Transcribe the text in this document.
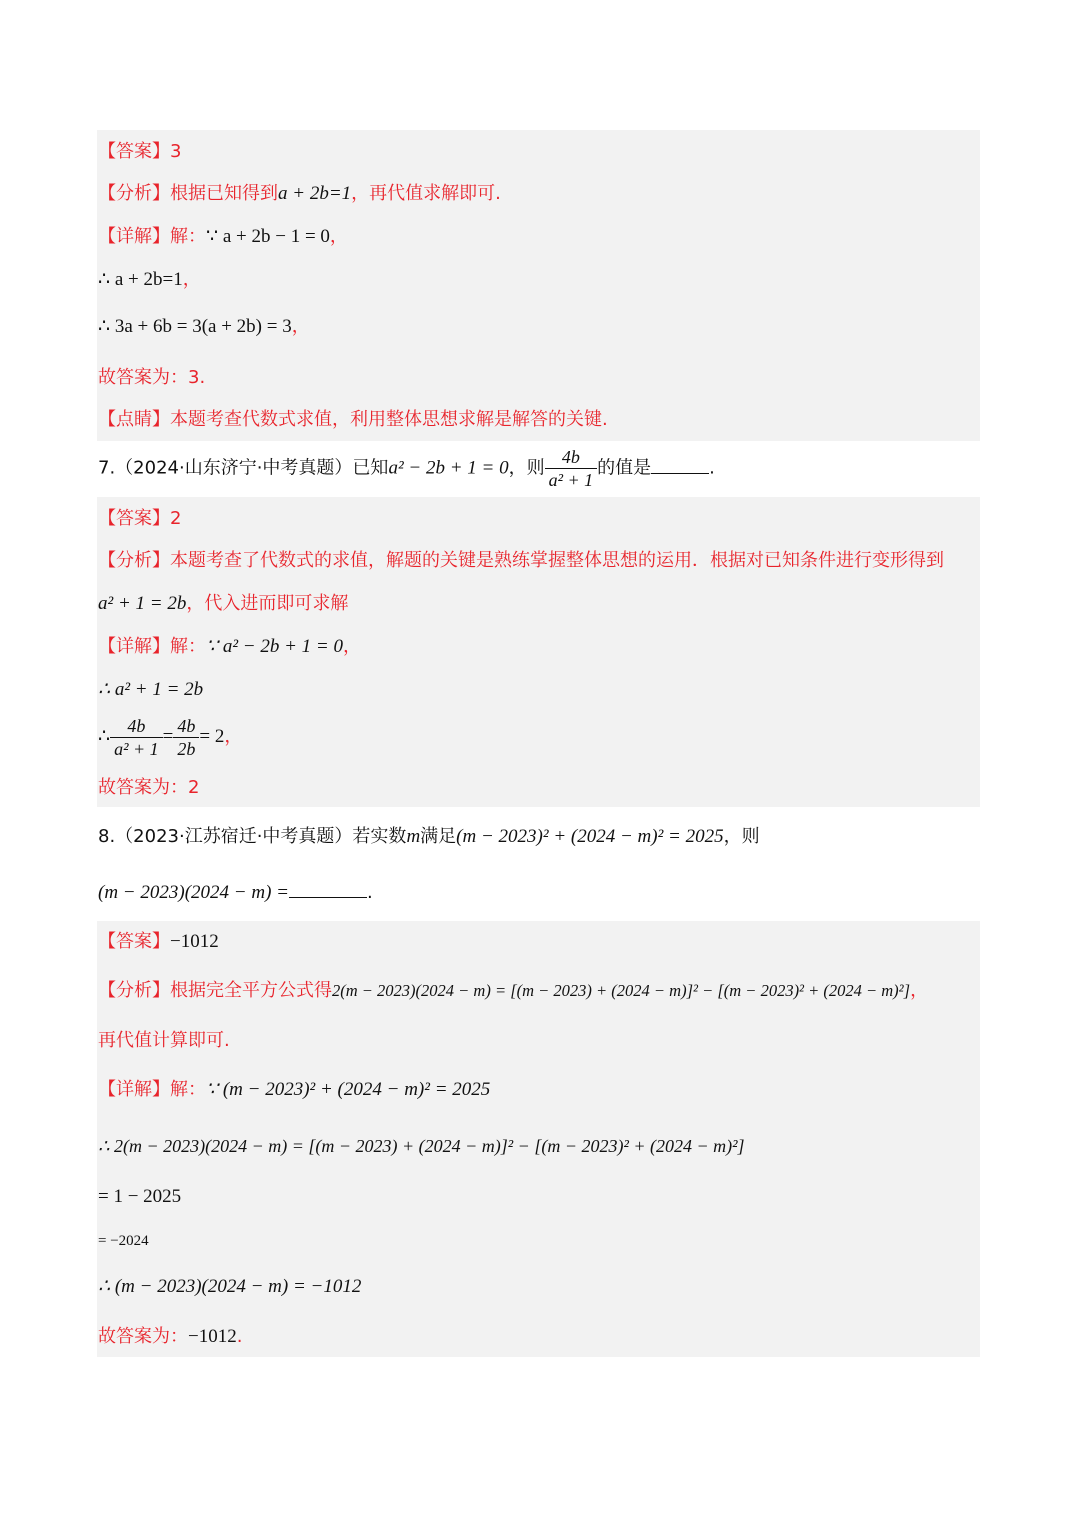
【答案】3
【分析】根据已知得到a + 2b=1，再代值求解即可.
【详解】解：∵ a + 2b − 1 = 0，
∴ a + 2b=1，
∴ 3a + 6b = 3(a + 2b) = 3，
故答案为：3.
【点睛】本题考查代数式求值，利用整体思想求解是解答的关键.
7.（2024·山东济宁·中考真题）已知a² − 2b + 1 = 0，则 $\frac{4b}{\text{a² + 1}}$ 的值是	.
【答案】2
【分析】本题考查了代数式的求值，解题的关键是熟练掌握整体思想的运用．根据对已知条件进行变形得到
a² + 1 = 2b，代入进而即可求解
【详解】解：∵ a² − 2b + 1 = 0，
∴ a² + 1 = 2b
∴ $\frac{4b}{\text{a² + 1}} = \frac{4b}{2b} = 2$，
故答案为：2
8.（2023·江苏宿迁·中考真题）若实数m满足(m − 2023)² + (2024 − m)² = 2025，则
(m − 2023)(2024 − m) =	.
【答案】−1012
【分析】根据完全平方公式得2(m − 2023)(2024 − m) = [(m − 2023) + (2024 − m)]² − [(m − 2023)² + (2024 − m)²]，
再代值计算即可.
【详解】解：∵ (m − 2023)² + (2024 − m)² = 2025
∴ 2(m − 2023)(2024 − m) = [(m − 2023) + (2024 − m)]² − [(m − 2023)² + (2024 − m)²]
= 1 − 2025
= −2024
∴ (m − 2023)(2024 − m) = −1012
故答案为：−1012.
